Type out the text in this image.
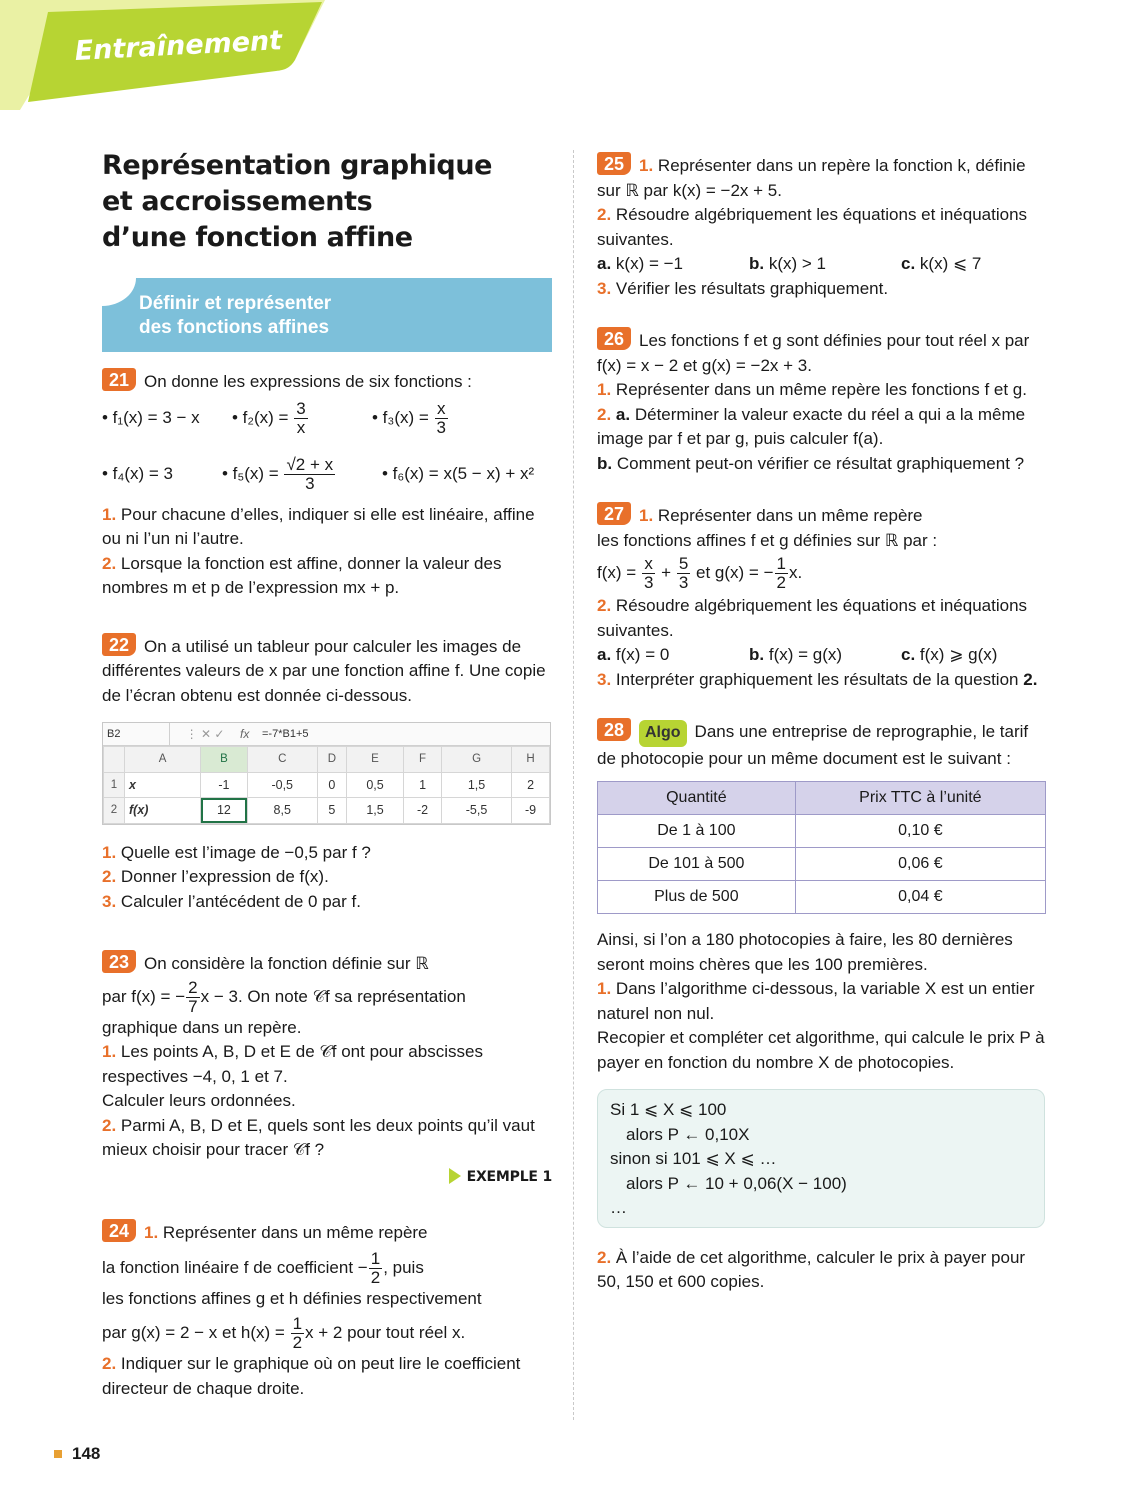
Entraînement
Représentation graphique
et accroissements
d’une fonction affine
Définir et représenter
des fonctions affines

21 On donne les expressions de six fonctions :

• f₁(x) = 3 − x	• $f_2(x) = \frac{3}{x}$	• $f_3(x) = \frac{x}{3}$
• f₄(x) = 3	• $f_5(x) = \frac{√2 + x}{3}$	• f₆(x) = x(5 − x) + x²

1. Pour chacune d’elles, indiquer si elle est linéaire, affine ou ni l’un ni l’autre.

2. Lorsque la fonction est affine, donner la valeur des nombres m et p de l’expression mx + p.

22 On a utilisé un tableur pour calculer les images de différentes valeurs de x par une fonction affine f. Une copie de l’écran obtenu est donnée ci-dessous.

B2	⋮ ✕ ✓	fx	=-7*B1+5
	A	B	C	D	E	F	G	H
1	x	-1	-0,5	0	0,5	1	1,5	2
2	f(x)	12	8,5	5	1,5	-2	-5,5	-9

1. Quelle est l’image de −0,5 par f ?

2. Donner l’expression de f(x).

3. Calculer l’antécédent de 0 par f.

23 On considère la fonction définie sur ℝ

par f(x) = − $\frac{2}{7}$ x − 3. On note 𝒞f sa représentation

graphique dans un repère.

1. Les points A, B, D et E de 𝒞f ont pour abscisses respectives −4, 0, 1 et 7.

Calculer leurs ordonnées.

2. Parmi A, B, D et E, quels sont les deux points qu’il vaut mieux choisir pour tracer 𝒞f ?

EXEMPLE 1

24 1. Représenter dans un même repère

la fonction linéaire f de coefficient − $\frac{1}{2}$ , puis

les fonctions affines g et h définies respectivement

par g(x) = 2 − x et $h(x) = \frac{1}{2}$ x + 2 pour tout réel x.

2. Indiquer sur le graphique où on peut lire le coefficient directeur de chaque droite.

25 1. Représenter dans un repère la fonction k, définie sur ℝ par k(x) = −2x + 5.

2. Résoudre algébriquement les équations et inéquations suivantes.

a. k(x) = −1	b. k(x) > 1	c. k(x) ⩽ 7

3. Vérifier les résultats graphiquement.

26 Les fonctions f et g sont définies pour tout réel x par f(x) = x − 2 et g(x) = −2x + 3.

1. Représenter dans un même repère les fonctions f et g.

2. a. Déterminer la valeur exacte du réel a qui a la même image par f et par g, puis calculer f(a).

b. Comment peut-on vérifier ce résultat graphiquement ?

27 1. Représenter dans un même repère

les fonctions affines f et g définies sur ℝ par :

$f(x) = \frac{x}{3} + \frac{5}{3}$ et g(x) = − $\frac{1}{2} x$.

2. Résoudre algébriquement les équations et inéquations suivantes.

a. f(x) = 0	b. f(x) = g(x)	c. f(x) ⩾ g(x)

3. Interpréter graphiquement les résultats de la question 2.

28 Algo Dans une entreprise de reprographie, le tarif de photocopie pour un même document est le suivant :

Quantité	Prix TTC à l’unité
De 1 à 100	0,10 €
De 101 à 500	0,06 €
Plus de 500	0,04 €

Ainsi, si l’on a 180 photocopies à faire, les 80 dernières seront moins chères que les 100 premières.

1. Dans l’algorithme ci-dessous, la variable X est un entier naturel non nul.

Recopier et compléter cet algorithme, qui calcule le prix P à payer en fonction du nombre X de photocopies.

Si 1 ⩽ X ⩽ 100
alors P ← 0,10X
sinon si 101 ⩽ X ⩽ …
alors P ← 10 + 0,06(X − 100)
…

2. À l’aide de cet algorithme, calculer le prix à payer pour 50, 150 et 600 copies.

148
